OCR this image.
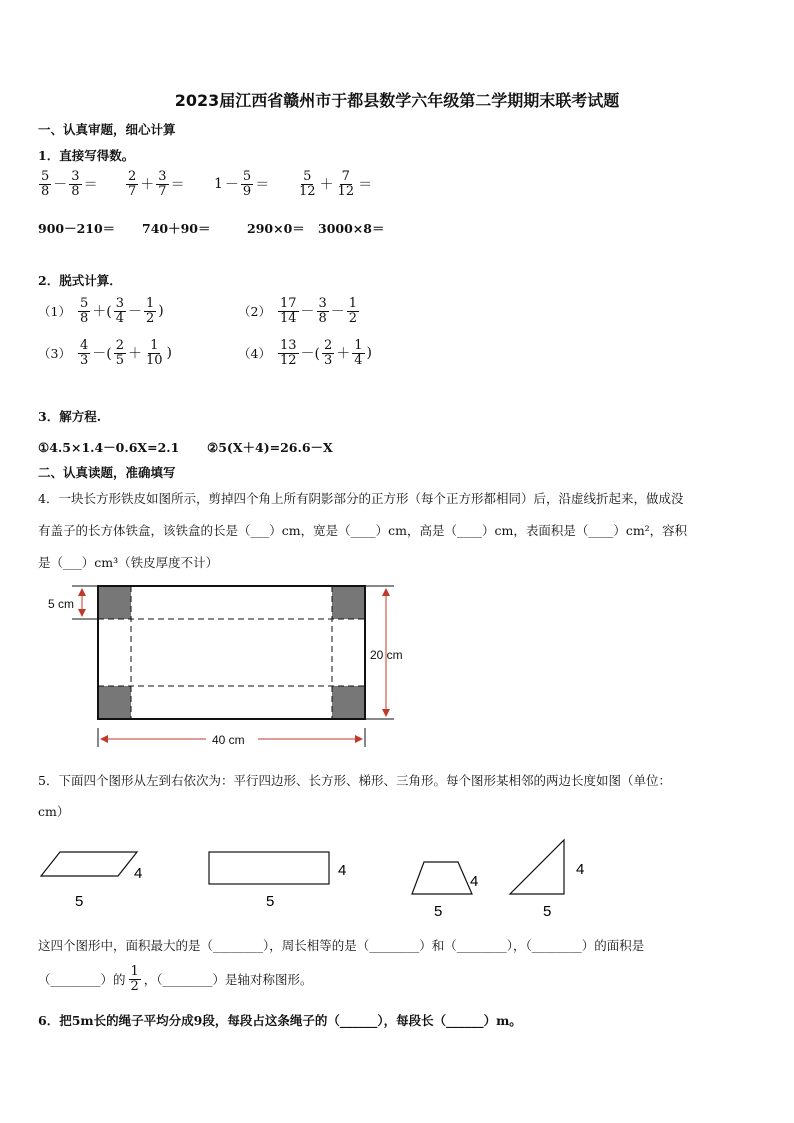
2023届江西省赣州市于都县数学六年级第二学期期末联考试题
一、认真审题，细心计算
1．直接写得数。
$\frac{5}{8} - \frac{3}{8} = \frac{2}{7} + \frac{3}{7} = 1 - \frac{5}{9} = \frac{5}{12} + \frac{7}{12}$ ＝
900－210＝ 740＋90＝	290×0＝ 3000×8＝
2．脱式计算．
$(1) \frac{5}{8}$ ＋( $\frac{3}{4} - \frac{1}{2}$ )	$(2) \frac{17}{14} - \frac{3}{8} - \frac{1}{2}$
$(3) \frac{4}{3}$ －( $\frac{2}{5} + \frac{1}{10}$ )	$(4) \frac{13}{12}$ －( $\frac{2}{3} + \frac{1}{4}$ )
3．解方程.
①4.5×1.4－0.6X=2.1 ②5(X＋4)=26.6－X
二、认真读题，准确填写
4．一块长方形铁皮如图所示，剪掉四个角上所有阴影部分的正方形（每个正方形都相同）后，沿虚线折起来，做成没
有盖子的长方体铁盒，该铁盒的长是（___）cm，宽是（____）cm，高是（____）cm，表面积是（____）cm²，容积
是（___）cm³（铁皮厚度不计）
5 cm
20 cm
40 cm
5．下面四个图形从左到右依次为：平行四边形、长方形、梯形、三角形。每个图形某相邻的两边长度如图（单位：
cm）
4
5
4
5
4
5
4
5
这四个图形中，面积最大的是（________），周长相等的是（________）和（________），（________）的面积是
（________）的 $\frac{1}{2}$ ，（________）是轴对称图形。
6．把5m长的绳子平均分成9段，每段占这条绳子的（______），每段长（______）m。
